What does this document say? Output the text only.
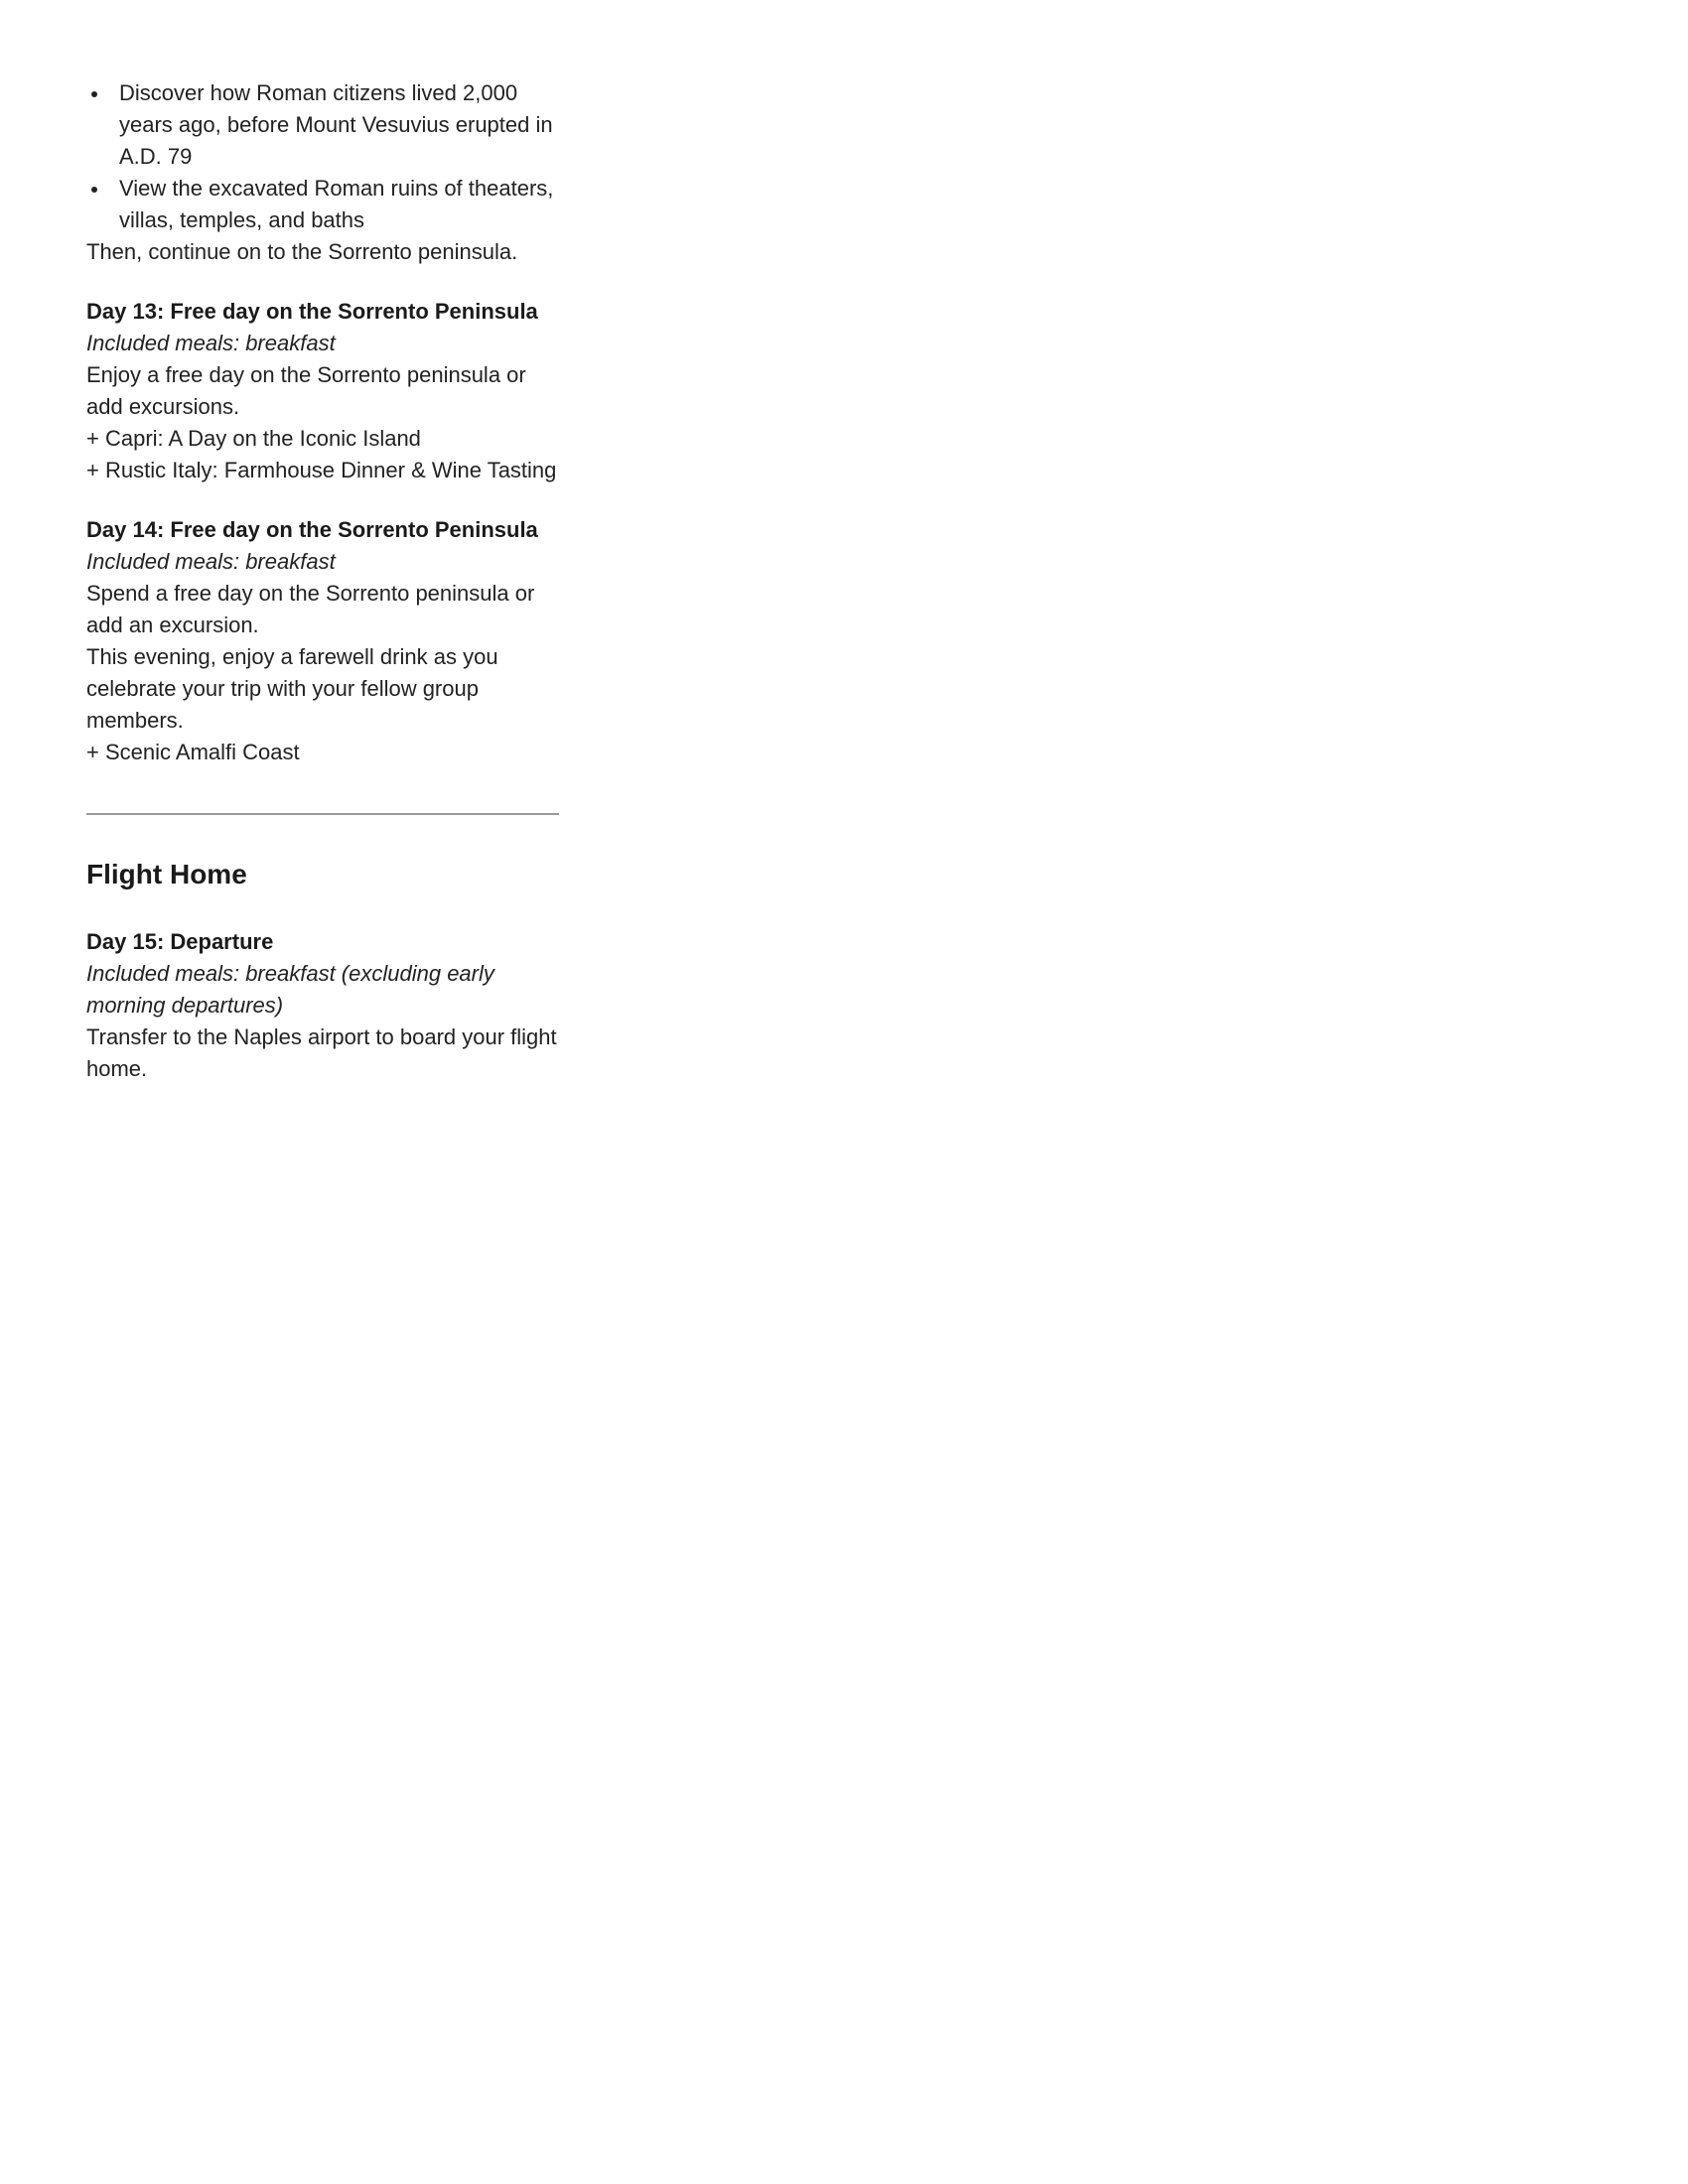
Discover how Roman citizens lived 2,000 years ago, before Mount Vesuvius erupted in A.D. 79
View the excavated Roman ruins of theaters, villas, temples, and baths

Then, continue on to the Sorrento peninsula.

Day 13: Free day on the Sorrento Peninsula

Included meals: breakfast

Enjoy a free day on the Sorrento peninsula or add excursions.

+ Capri: A Day on the Iconic Island

+ Rustic Italy: Farmhouse Dinner & Wine Tasting

Day 14: Free day on the Sorrento Peninsula

Included meals: breakfast

Spend a free day on the Sorrento peninsula or add an excursion.

This evening, enjoy a farewell drink as you celebrate your trip with your fellow group members.

+ Scenic Amalfi Coast

Flight Home

Day 15: Departure

Included meals: breakfast (excluding early morning departures)

Transfer to the Naples airport to board your flight home.
